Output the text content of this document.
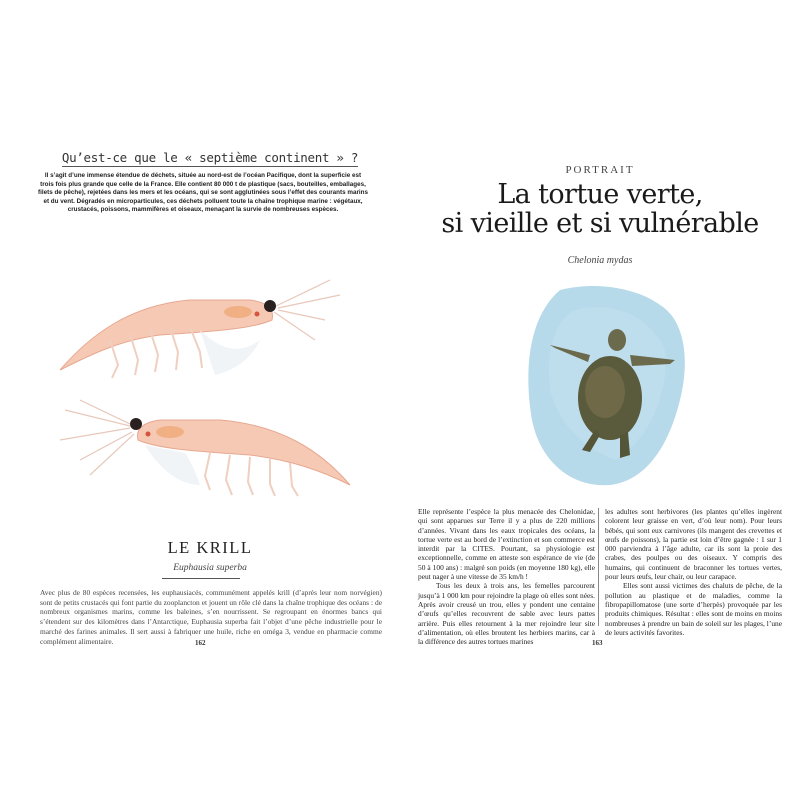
Qu’est-ce que le « septième continent » ?
Il s’agit d’une immense étendue de déchets, située au nord-est de l’océan Pacifique, dont la superficie est trois fois plus grande que celle de la France. Elle contient 80 000 t de plastique (sacs, bouteilles, emballages, filets de pêche), rejetées dans les mers et les océans, qui se sont agglutinées sous l’effet des courants marins et du vent. Dégradés en microparticules, ces déchets polluent toute la chaîne trophique marine : végétaux, crustacés, poissons, mammifères et oiseaux, menaçant la survie de nombreuses espèces.
LE KRILL
Euphausia superba
Avec plus de 80 espèces recensées, les euphausiacés, communément appelés krill (d’après leur nom norvégien) sont de petits crustacés qui font partie du zooplancton et jouent un rôle clé dans la chaîne trophique des océans : de nombreux organismes marins, comme les baleines, s’en nourrissent. Se regroupant en énormes bancs qui s’étendent sur des kilomètres dans l’Antarctique, Euphausia superba fait l’objet d’une pêche industrielle pour le marché des farines animales. Il sert aussi à fabriquer une huile, riche en oméga 3, vendue en pharmacie comme complément alimentaire.	162
PORTRAIT
La tortue verte,
si vieille et si vulnérable
Chelonia mydas

Elle représente l’espèce la plus menacée des Chelonidae, qui sont apparues sur Terre il y a plus de 220 millions d’années. Vivant dans les eaux tropicales des océans, la tortue verte est au bord de l’extinction et son commerce est interdit par la CITES. Pourtant, sa physiologie est exceptionnelle, comme en atteste son espérance de vie (de 50 à 100 ans) : malgré son poids (en moyenne 180 kg), elle peut nager à une vitesse de 35 km/h !

Tous les deux à trois ans, les femelles parcourent jusqu’à 1 000 km pour rejoindre la plage où elles sont nées. Après avoir creusé un trou, elles y pondent une centaine d’œufs qu’elles recouvrent de sable avec leurs pattes arrière. Puis elles retournent à la mer rejoindre leur site d’alimentation, où elles broutent les herbiers marins, car à la différence des autres tortues marines

les adultes sont herbivores (les plantes qu’elles ingèrent colorent leur graisse en vert, d’où leur nom). Pour leurs bébés, qui sont eux carnivores (ils mangent des crevettes et œufs de poissons), la partie est loin d’être gagnée : 1 sur 1 000 parviendra à l’âge adulte, car ils sont la proie des crabes, des poulpes ou des oiseaux. Y compris des humains, qui continuent de braconner les tortues vertes, pour leurs œufs, leur chair, ou leur carapace.

Elles sont aussi victimes des chaluts de pêche, de la pollution au plastique et de maladies, comme la fibropapillomatose (une sorte d’herpès) provoquée par les produits chimiques. Résultat : elles sont de moins en moins nombreuses à prendre un bain de soleil sur les plages, l’une de leurs activités favorites.

163
